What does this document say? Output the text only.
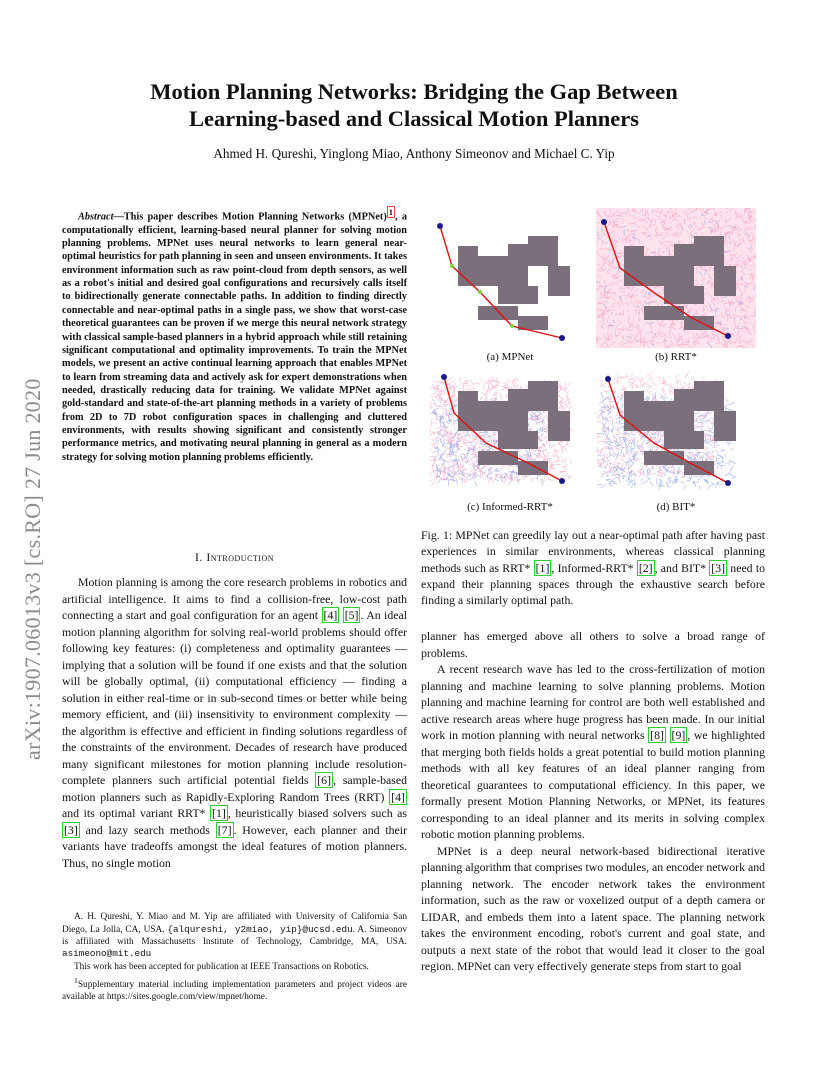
arXiv:1907.06013v3 [cs.RO] 27 Jun 2020
Motion Planning Networks: Bridging the Gap Between
Learning-based and Classical Motion Planners
Ahmed H. Qureshi, Yinglong Miao, Anthony Simeonov and Michael C. Yip

Abstract—This paper describes Motion Planning Networks (MPNet) $^1$ , a computationally efficient, learning-based neural planner for solving motion planning problems. MPNet uses neural networks to learn general near-optimal heuristics for path planning in seen and unseen environments. It takes environment information such as raw point-cloud from depth sensors, as well as a robot's initial and desired goal configurations and recursively calls itself to bidirectionally generate connectable paths. In addition to finding directly connectable and near-optimal paths in a single pass, we show that worst-case theoretical guarantees can be proven if we merge this neural network strategy with classical sample-based planners in a hybrid approach while still retaining significant computational and optimality improvements. To train the MPNet models, we present an active continual learning approach that enables MPNet to learn from streaming data and actively ask for expert demonstrations when needed, drastically reducing data for training. We validate MPNet against gold-standard and state-of-the-art planning methods in a variety of problems from 2D to 7D robot configuration spaces in challenging and cluttered environments, with results showing significant and consistently stronger performance metrics, and motivating neural planning in general as a modern strategy for solving motion planning problems efficiently.

I. Introduction

Motion planning is among the core research problems in robotics and artificial intelligence. It aims to find a collision-free, low-cost path connecting a start and goal configuration for an agent [4] [5] . An ideal motion planning algorithm for solving real-world problems should offer following key features: (i) completeness and optimality guarantees — implying that a solution will be found if one exists and that the solution will be globally optimal, (ii) computational efficiency — finding a solution in either real-time or in sub-second times or better while being memory efficient, and (iii) insensitivity to environment complexity — the algorithm is effective and efficient in finding solutions regardless of the constraints of the environment. Decades of research have produced many significant milestones for motion planning include resolution-complete planners such artificial potential fields [6] , sample-based motion planners such as Rapidly-Exploring Random Trees (RRT) [4] and its optimal variant RRT* [1] , heuristically biased solvers such as [3] and lazy search methods [7] . However, each planner and their variants have tradeoffs amongst the ideal features of motion planners. Thus, no single motion

A. H. Qureshi, Y. Miao and M. Yip are affiliated with University of California San Diego, La Jolla, CA, USA. {alqureshi, y2miao, yip}@ucsd.edu. A. Simeonov is affiliated with Massachusetts Institute of Technology, Cambridge, MA, USA. asimeono@mit.edu

This work has been accepted for publication at IEEE Transactions on Robotics.

$^1$Supplementary material including implementation parameters and project videos are available at https://sites.google.com/view/mpnet/home.

(a) MPNet	(b) RRT*
(c) Informed-RRT*	(d) BIT*
Fig. 1: MPNet can greedily lay out a near-optimal path after having past experiences in similar environments, whereas classical planning methods such as RRT* [1] , Informed-RRT* [2] , and BIT* [3] need to expand their planning spaces through the exhaustive search before finding a similarly optimal path.

planner has emerged above all others to solve a broad range of problems.

A recent research wave has led to the cross-fertilization of motion planning and machine learning to solve planning problems. Motion planning and machine learning for control are both well established and active research areas where huge progress has been made. In our initial work in motion planning with neural networks [8] [9] , we highlighted that merging both fields holds a great potential to build motion planning methods with all key features of an ideal planner ranging from theoretical guarantees to computational efficiency. In this paper, we formally present Motion Planning Networks, or MPNet, its features corresponding to an ideal planner and its merits in solving complex robotic motion planning problems.

MPNet is a deep neural network-based bidirectional iterative planning algorithm that comprises two modules, an encoder network and planning network. The encoder network takes the environment information, such as the raw or voxelized output of a depth camera or LIDAR, and embeds them into a latent space. The planning network takes the environment encoding, robot's current and goal state, and outputs a next state of the robot that would lead it closer to the goal region. MPNet can very effectively generate steps from start to goal
